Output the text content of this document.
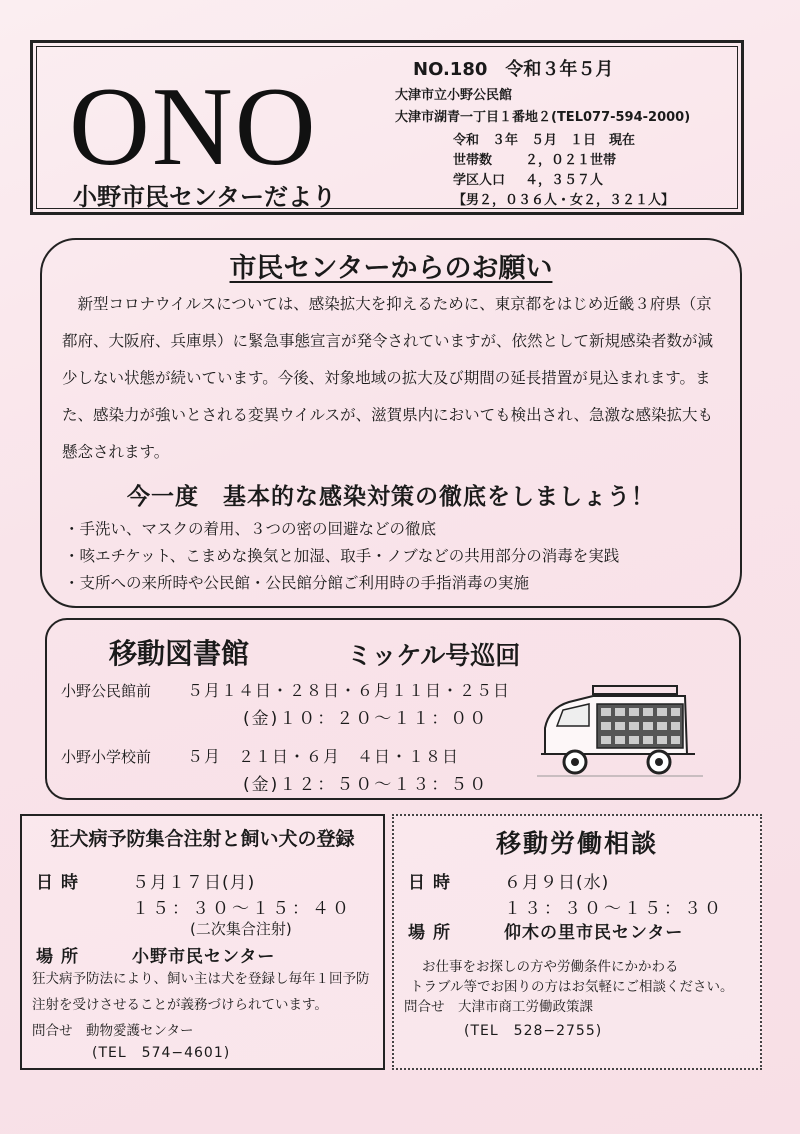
ONO
小野市民センターだより
NO.180　令和３年５月
大津市立小野公民館
大津市湖青一丁目１番地２(TEL077-594-2000)
令和　３年　５月　１日　現在
世帯数	２，０２１世帯
学区人口	４，３５７人
【男２，０３６人・女２，３２１人】
市民センターからのお願い
新型コロナウイルスについては、感染拡大を抑えるために、東京都をはじめ近畿３府県（京都府、大阪府、兵庫県）に緊急事態宣言が発令されていますが、依然として新規感染者数が減少しない状態が続いています。今後、対象地域の拡大及び期間の延長措置が見込まれます。また、感染力が強いとされる変異ウイルスが、滋賀県内においても検出され、急激な感染拡大も懸念されます。
今一度　基本的な感染対策の徹底をしましょう！
・手洗い、マスクの着用、３つの密の回避などの徹底
・咳エチケット、こまめな換気と加湿、取手・ノブなどの共用部分の消毒を実践
・支所への来所時や公民館・公民館分館ご利用時の手指消毒の実施
移動図書館	ミッケル号巡回
小野公民館前 ５月１４日・２８日・６月１１日・２５日
(金)１０：２０～１１：００
小野小学校前 ５月　２１日・６月　４日・１８日
(金)１２：５０～１３：５０
狂犬病予防集合注射と飼い犬の登録
日時	５月１７日(月)
１５：３０～１５：４０
(二次集合注射)
場所	小野市民センター
狂犬病予防法により、飼い主は犬を登録し毎年１回予防注射を受けさせることが義務づけられています。
問合せ　動物愛護センター
(TEL　574−4601)
移動労働相談
日時	６月９日(水)
１３：３０～１５：３０
場所	仰木の里市民センター
お仕事をお探しの方や労働条件にかかわる
トラブル等でお困りの方はお気軽にご相談ください。
問合せ　大津市商工労働政策課
(TEL　528−2755)
